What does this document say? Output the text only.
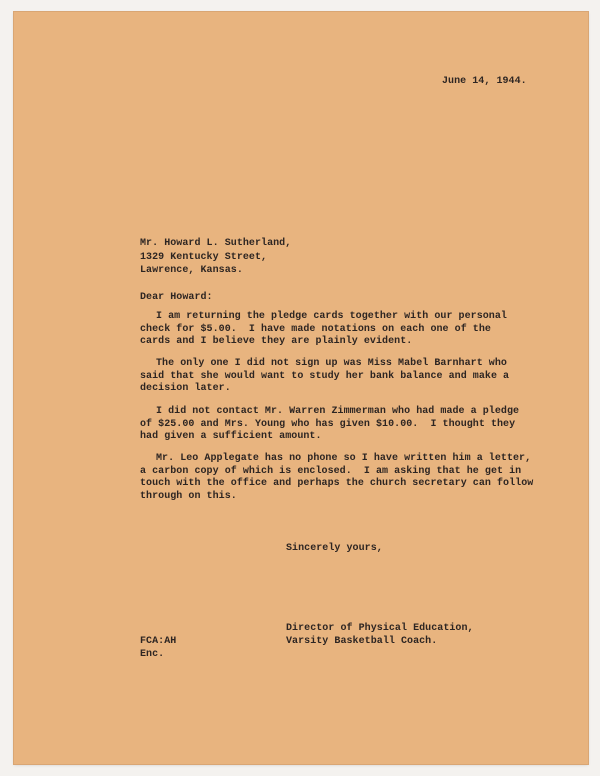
June 14, 1944.
Mr. Howard L. Sutherland,
1329 Kentucky Street,
Lawrence, Kansas.
Dear Howard:
I am returning the pledge cards together with our personal
check for $5.00.  I have made notations on each one of the
cards and I believe they are plainly evident.
The only one I did not sign up was Miss Mabel Barnhart who
said that she would want to study her bank balance and make a
decision later.
I did not contact Mr. Warren Zimmerman who had made a pledge
of $25.00 and Mrs. Young who has given $10.00.  I thought they
had given a sufficient amount.
Mr. Leo Applegate has no phone so I have written him a letter,
a carbon copy of which is enclosed.  I am asking that he get in
touch with the office and perhaps the church secretary can follow
through on this.
Sincerely yours,
Director of Physical Education,
Varsity Basketball Coach.
FCA:AH
Enc.
